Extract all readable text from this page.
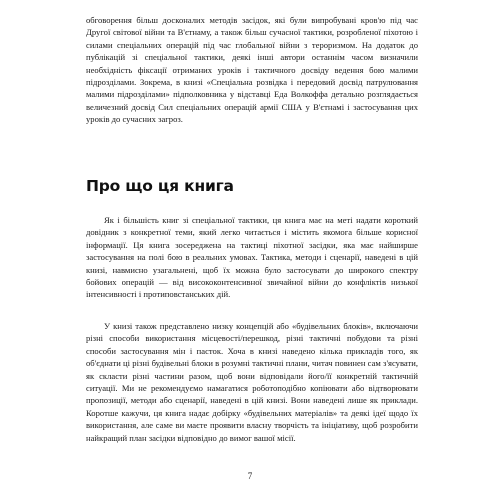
обговорення більш досконалих методів засідок, які були випробувані кров'ю під час Другої світової війни та В'єтнаму, а також більш сучасної тактики, розробленої піхотою і силами спеціальних операцій під час глобальної війни з тероризмом. На додаток до публікацій зі спеціальної тактики, деякі інші автори останнім часом визначили необхідність фіксації отриманих уроків і тактичного досвіду ведення бою малими підрозділами. Зокрема, в книзі «Спеціальна розвідка і передовий досвід патрулювання малими підрозділами» підполковника у відставці Еда Волкоффа детально розглядається величезний досвід Сил спеціальних операцій армії США у В'єтнамі і застосування цих уроків до сучасних загроз.

Про що ця книга

Як і більшість книг зі спеціальної тактики, ця книга має на меті надати короткий довідник з конкретної теми, який легко читається і містить якомога більше корисної інформації. Ця книга зосереджена на тактиці піхотної засідки, яка має найширше застосування на полі бою в реальних умовах. Тактика, методи і сценарії, наведені в цій книзі, навмисно узагальнені, щоб їх можна було застосувати до широкого спектру бойових операцій — від висококонтенсивної звичайної війни до конфліктів низької інтенсивності і протиповстанських дій.

У книзі також представлено низку концепцій або «будівельних блоків», включаючи різні способи використання місцевості/перешкод, різні тактичні побудови та різні способи застосування мін і пасток. Хоча в книзі наведено кілька прикладів того, як об'єднати ці різні будівельні блоки в розумні тактичні плани, читач повинен сам з'ясувати, як скласти різні частини разом, щоб вони відповідали його/її конкретній тактичній ситуації. Ми не рекомендуємо намагатися роботоподібно копіювати або відтворювати пропозиції, методи або сценарії, наведені в цій книзі. Вони наведені лише як приклади. Коротше кажучи, ця книга надає добірку «будівельних матеріалів» та деякі ідеї щодо їх використання, але саме ви маєте проявити власну творчість та ініціативу, щоб розробити найкращий план засідки відповідно до вимог вашої місії.

7
